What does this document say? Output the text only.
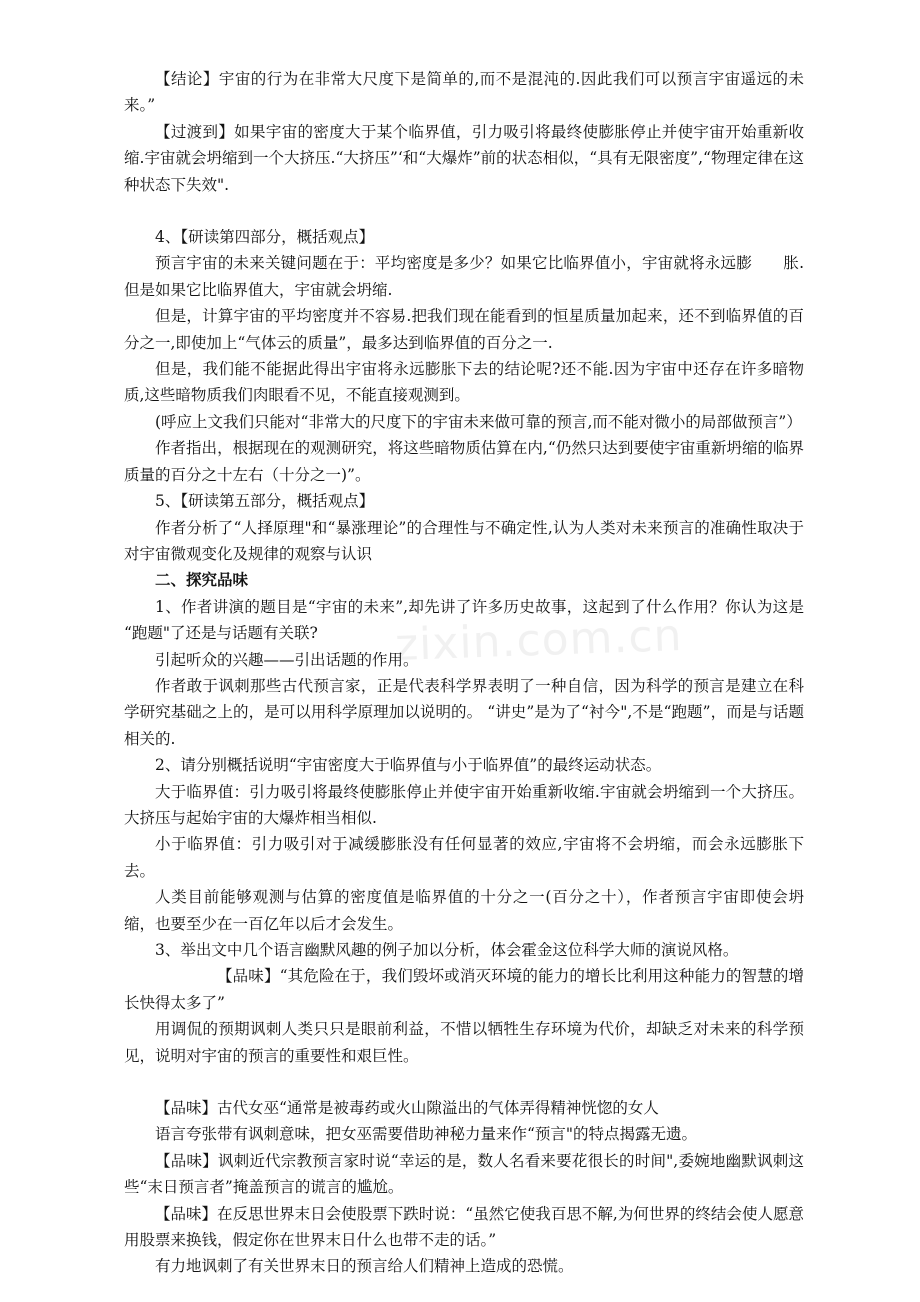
zixin.com.cn

【结论】宇宙的行为在非常大尺度下是简单的,而不是混沌的.因此我们可以预言宇宙遥远的未来。”

【过渡到】如果宇宙的密度大于某个临界值，引力吸引将最终使膨胀停止并使宇宙开始重新收缩.宇宙就会坍缩到一个大挤压.“大挤压”‘和“大爆炸”前的状态相似，“具有无限密度”,“物理定律在这种状态下失效".

4、【研读第四部分，概括观点】

预言宇宙的未来关键问题在于：平均密度是多少？如果它比临界值小，宇宙就将永远膨　　胀.但是如果它比临界值大，宇宙就会坍缩.

但是，计算宇宙的平均密度并不容易.把我们现在能看到的恒星质量加起来，还不到临界值的百分之一,即使加上“气体云的质量”，最多达到临界值的百分之一.

但是，我们能不能据此得出宇宙将永远膨胀下去的结论呢?还不能.因为宇宙中还存在许多暗物质,这些暗物质我们肉眼看不见，不能直接观测到。

(呼应上文我们只能对“非常大的尺度下的宇宙未来做可靠的预言,而不能对微小的局部做预言”）

作者指出，根据现在的观测研究，将这些暗物质估算在内,“仍然只达到要使宇宙重新坍缩的临界质量的百分之十左右（十分之一)”。

5、【研读第五部分，概括观点】

作者分析了“人择原理"和“暴涨理论”的合理性与不确定性,认为人类对未来预言的准确性取决于对宇宙微观变化及规律的观察与认识

二、探究品味

1、作者讲演的题目是“宇宙的未来”,却先讲了许多历史故事，这起到了什么作用？你认为这是 “跑题"了还是与话题有关联?

引起听众的兴趣——引出话题的作用。

作者敢于讽刺那些古代预言家，正是代表科学界表明了一种自信，因为科学的预言是建立在科学研究基础之上的，是可以用科学原理加以说明的。 “讲史”是为了“衬今",不是“跑题”，而是与话题相关的.

2、请分别概括说明“宇宙密度大于临界值与小于临界值”的最终运动状态。

大于临界值：引力吸引将最终使膨胀停止并使宇宙开始重新收缩.宇宙就会坍缩到一个大挤压。大挤压与起始宇宙的大爆炸相当相似.

小于临界值：引力吸引对于减缓膨胀没有任何显著的效应,宇宙将不会坍缩，而会永远膨胀下去。

人类目前能够观测与估算的密度值是临界值的十分之一(百分之十），作者预言宇宙即使会坍缩，也要至少在一百亿年以后才会发生。

3、举出文中几个语言幽默风趣的例子加以分析，体会霍金这位科学大师的演说风格。

【品味】“其危险在于，我们毁坏或消灭环境的能力的增长比利用这种能力的智慧的增长快得太多了”

用调侃的预期讽刺人类只只是眼前利益，不惜以牺牲生存环境为代价，却缺乏对未来的科学预见，说明对宇宙的预言的重要性和艰巨性。

【品味】古代女巫“通常是被毒药或火山隙溢出的气体弄得精神恍惚的女人

语言夸张带有讽刺意味，把女巫需要借助神秘力量来作“预言"的特点揭露无遗。

【品味】讽刺近代宗教预言家时说“幸运的是，数人名看来要花很长的时间",委婉地幽默讽刺这些“末日预言者”掩盖预言的谎言的尴尬。

【品味】在反思世界末日会使股票下跌时说：“虽然它使我百思不解,为何世界的终结会使人愿意用股票来换钱，假定你在世界末日什么也带不走的话。”

有力地讽刺了有关世界末日的预言给人们精神上造成的恐慌。
